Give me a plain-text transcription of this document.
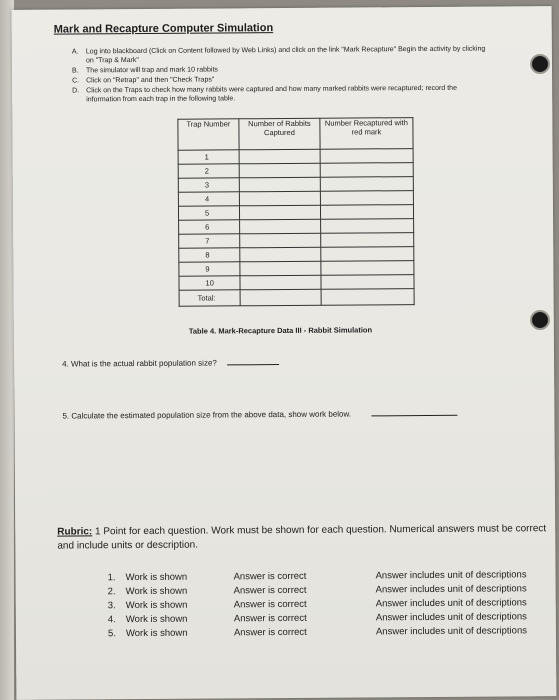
Mark and Recapture Computer Simulation
A.	Log into blackboard (Click on Content followed by Web Links) and click on the link "Mark Recapture" Begin the activity by clicking on "Trap & Mark"
B.	The simulator will trap and mark 10 rabbits
C. Click on "Retrap" and then "Check Traps"
D. Click on the Traps to check how many rabbits were captured and how many marked rabbits were recaptured; record the information from each trap in the following table.
Trap Number	Number of Rabbits Captured	Number Recaptured with red mark
1		
2		
3		
4		
5		
6		
7		
8		
9		
10		
Total:		
Table 4. Mark-Recapture Data III - Rabbit Simulation
4. What is the actual rabbit population size?
5. Calculate the estimated population size from the above data, show work below.
Rubric: 1 Point for each question. Work must be shown for each question. Numerical answers must be correct and include units or description.
1.	Work is shown	Answer is correct	Answer includes unit of descriptions
2.	Work is shown	Answer is correct	Answer includes unit of descriptions
3.	Work is shown	Answer is correct	Answer includes unit of descriptions
4.	Work is shown	Answer is correct	Answer includes unit of descriptions
5.	Work is shown	Answer is correct	Answer includes unit of descriptions
